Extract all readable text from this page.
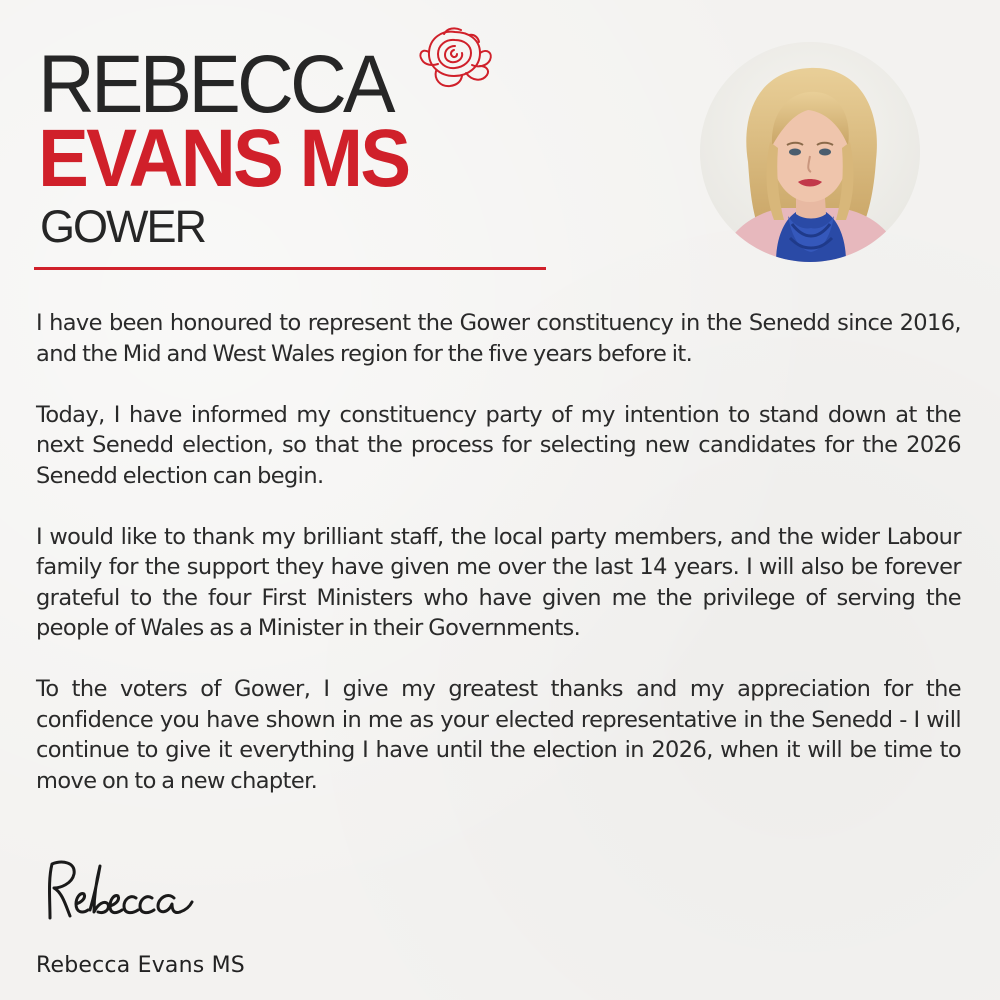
REBECCA
EVANS MS
GOWER

I have been honoured to represent the Gower constituency in the Senedd since 2016, and the Mid and West Wales region for the five years before it.

Today, I have informed my constituency party of my intention to stand down at the next Senedd election, so that the process for selecting new candidates for the 2026 Senedd election can begin.

I would like to thank my brilliant staff, the local party members, and the wider Labour family for the support they have given me over the last 14 years. I will also be forever grateful to the four First Ministers who have given me the privilege of serving the people of Wales as a Minister in their Governments.

To the voters of Gower, I give my greatest thanks and my appreciation for the confidence you have shown in me as your elected representative in the Senedd - I will continue to give it everything I have until the election in 2026, when it will be time to move on to a new chapter.

Rebecca Evans MS
